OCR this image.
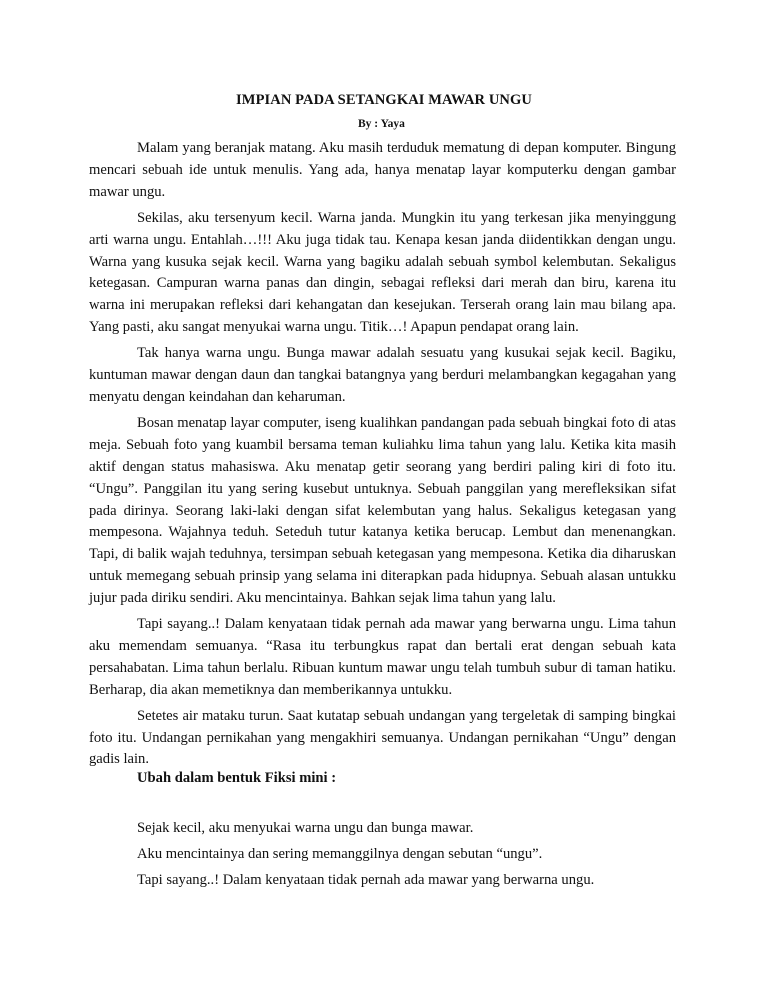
IMPIAN PADA SETANGKAI MAWAR UNGU
By : Yaya

Malam yang beranjak matang. Aku masih terduduk mematung di depan komputer. Bingung mencari sebuah ide untuk menulis. Yang ada, hanya menatap layar komputerku dengan gambar mawar ungu.

Sekilas, aku tersenyum kecil. Warna janda. Mungkin itu yang terkesan jika menyinggung arti warna ungu. Entahlah…!!! Aku juga tidak tau. Kenapa kesan janda diidentikkan dengan ungu. Warna yang kusuka sejak kecil. Warna yang bagiku adalah sebuah symbol kelembutan. Sekaligus ketegasan. Campuran warna panas dan dingin, sebagai refleksi dari merah dan biru, karena itu warna ini merupakan refleksi dari kehangatan dan kesejukan. Terserah orang lain mau bilang apa. Yang pasti, aku sangat menyukai warna ungu. Titik…! Apapun pendapat orang lain.

Tak hanya warna ungu. Bunga mawar adalah sesuatu yang kusukai sejak kecil. Bagiku, kuntuman mawar dengan daun dan tangkai batangnya yang berduri melambangkan kegagahan yang menyatu dengan keindahan dan keharuman.

Bosan menatap layar computer, iseng kualihkan pandangan pada sebuah bingkai foto di atas meja. Sebuah foto yang kuambil bersama teman kuliahku lima tahun yang lalu. Ketika kita masih aktif dengan status mahasiswa. Aku menatap getir seorang yang berdiri paling kiri di foto itu. “Ungu”. Panggilan itu yang sering kusebut untuknya. Sebuah panggilan yang merefleksikan sifat pada dirinya. Seorang laki-laki dengan sifat kelembutan yang halus. Sekaligus ketegasan yang mempesona. Wajahnya teduh. Seteduh tutur katanya ketika berucap. Lembut dan menenangkan. Tapi, di balik wajah teduhnya, tersimpan sebuah ketegasan yang mempesona. Ketika dia diharuskan untuk memegang sebuah prinsip yang selama ini diterapkan pada hidupnya. Sebuah alasan untukku jujur pada diriku sendiri. Aku mencintainya. Bahkan sejak lima tahun yang lalu.

Tapi sayang..! Dalam kenyataan tidak pernah ada mawar yang berwarna ungu. Lima tahun aku memendam semuanya. “Rasa itu terbungkus rapat dan bertali erat dengan sebuah kata persahabatan. Lima tahun berlalu. Ribuan kuntum mawar ungu telah tumbuh subur di taman hatiku. Berharap, dia akan memetiknya dan memberikannya untukku.

Setetes air mataku turun. Saat kutatap sebuah undangan yang tergeletak di samping bingkai foto itu. Undangan pernikahan yang mengakhiri semuanya. Undangan pernikahan “Ungu” dengan gadis lain.

Ubah dalam bentuk Fiksi mini :

Sejak kecil, aku menyukai warna ungu dan bunga mawar.

Aku mencintainya dan sering memanggilnya dengan sebutan “ungu”.

Tapi sayang..! Dalam kenyataan tidak pernah ada mawar yang berwarna ungu.
